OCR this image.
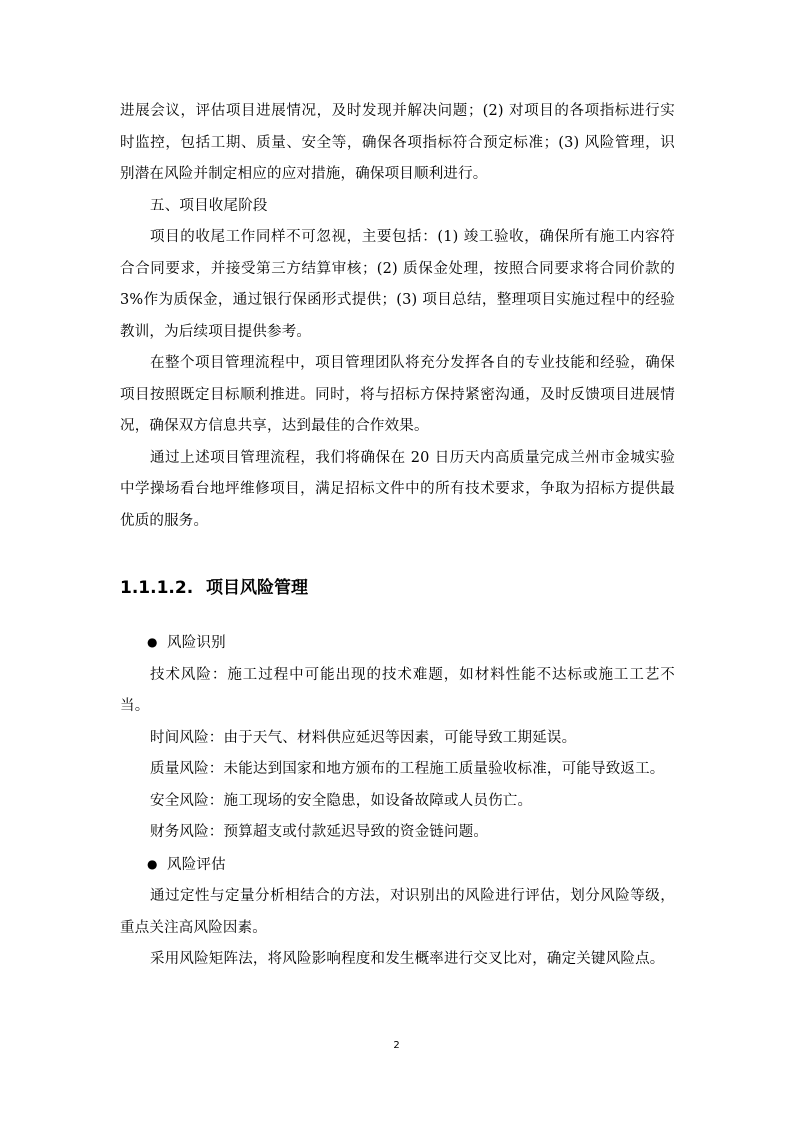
进展会议，评估项目进展情况，及时发现并解决问题；(2) 对项目的各项指标进行实时监控，包括工期、质量、安全等，确保各项指标符合预定标准；(3) 风险管理，识别潜在风险并制定相应的应对措施，确保项目顺利进行。

五、项目收尾阶段

项目的收尾工作同样不可忽视，主要包括：(1) 竣工验收，确保所有施工内容符合合同要求，并接受第三方结算审核；(2) 质保金处理，按照合同要求将合同价款的 3%作为质保金，通过银行保函形式提供；(3) 项目总结，整理项目实施过程中的经验教训，为后续项目提供参考。

在整个项目管理流程中，项目管理团队将充分发挥各自的专业技能和经验，确保项目按照既定目标顺利推进。同时，将与招标方保持紧密沟通，及时反馈项目进展情况，确保双方信息共享，达到最佳的合作效果。

通过上述项目管理流程，我们将确保在 20 日历天内高质量完成兰州市金城实验中学操场看台地坪维修项目，满足招标文件中的所有技术要求，争取为招标方提供最优质的服务。

1.1.1.2. 项目风险管理

● 风险识别

技术风险：施工过程中可能出现的技术难题，如材料性能不达标或施工工艺不当。

时间风险：由于天气、材料供应延迟等因素，可能导致工期延误。

质量风险：未能达到国家和地方颁布的工程施工质量验收标准，可能导致返工。

安全风险：施工现场的安全隐患，如设备故障或人员伤亡。

财务风险：预算超支或付款延迟导致的资金链问题。

● 风险评估

通过定性与定量分析相结合的方法，对识别出的风险进行评估，划分风险等级，重点关注高风险因素。

采用风险矩阵法，将风险影响程度和发生概率进行交叉比对，确定关键风险点。

2
